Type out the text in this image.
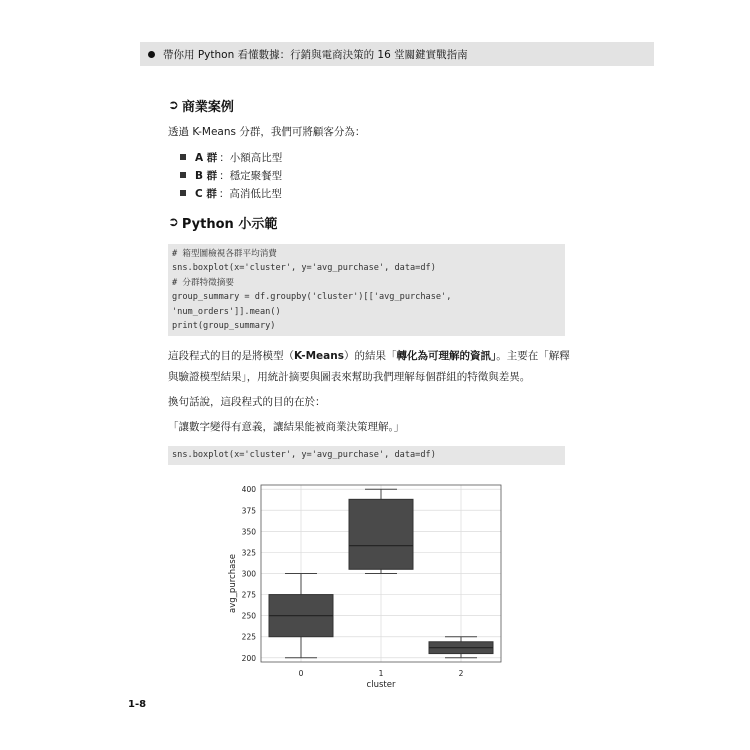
帶你用 Python 看懂數據：行銷與電商決策的 16 堂關鍵實戰指南
➲ 商業案例
透過 K-Means 分群，我們可將顧客分為：
A 群 ：小額高比型
B 群 ：穩定聚餐型
C 群 ：高消低比型
➲ Python 小示範
# 箱型圖檢視各群平均消費
sns.boxplot(x='cluster', y='avg_purchase', data=df)
# 分群特徵摘要
group_summary = df.groupby('cluster')[['avg_purchase',
'num_orders']].mean()
print(group_summary)
這段程式的目的是將模型（K-Means）的結果「轉化為可理解的資訊」。主要在「解釋與驗證模型結果」，用統計摘要與圖表來幫助我們理解每個群組的特徵與差異。
換句話說，這段程式的目的在於：
「讓數字變得有意義，讓結果能被商業決策理解。」
sns.boxplot(x='cluster', y='avg_purchase', data=df)
200
225
250
275
300
325
350
375
400
0	1	2
cluster
avg_purchase
1-8
